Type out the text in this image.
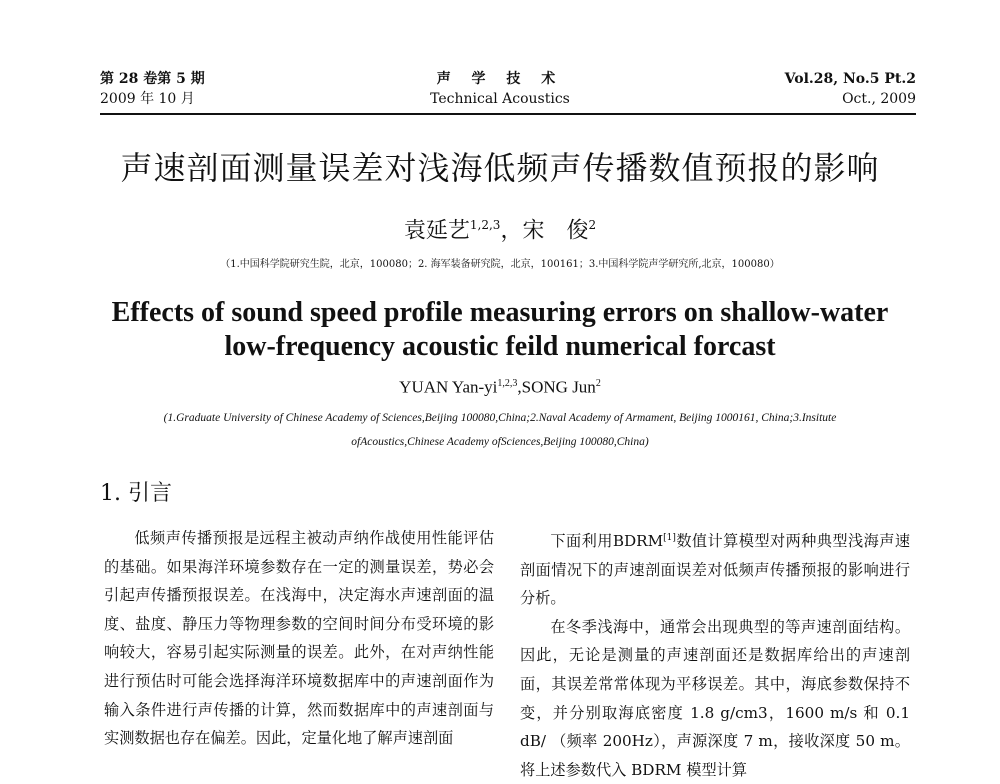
第 28 卷第 5 期
2009 年 10 月
声 学 技 术
Technical Acoustics
Vol.28, No.5 Pt.2
Oct., 2009
声速剖面测量误差对浅海低频声传播数值预报的影响
袁延艺$^{1,2,3}$，宋　俊$^2$
（1.中国科学院研究生院，北京，100080；2. 海军装备研究院，北京，100161；3.中国科学院声学研究所,北京，100080）
Effects of sound speed profile measuring errors on shallow-water
low-frequency acoustic feild numerical forcast
YUAN Yan-yi$^{1,2,3}$,SONG Jun$^2$
(1.Graduate University of Chinese Academy of Sciences,Beijing 100080,China;2.Naval Academy of Armament, Beijing 1000161, China;3.Insitute
ofAcoustics,Chinese Academy ofSciences,Beijing 100080,China)
1. 引言

低频声传播预报是远程主被动声纳作战使用性能评估的基础。如果海洋环境参数存在一定的测量误差，势必会引起声传播预报误差。在浅海中，决定海水声速剖面的温度、盐度、静压力等物理参数的空间时间分布受环境的影响较大，容易引起实际测量的误差。此外，在对声纳性能进行预估时可能会选择海洋环境数据库中的声速剖面作为输入条件进行声传播的计算，然而数据库中的声速剖面与实测数据也存在偏差。因此，定量化地了解声速剖面

下面利用BDRM[1]数值计算模型对两种典型浅海声速剖面情况下的声速剖面误差对低频声传播预报的影响进行分析。

在冬季浅海中，通常会出现典型的等声速剖面结构。因此，无论是测量的声速剖面还是数据库给出的声速剖面，其误差常常体现为平移误差。其中，海底参数保持不变，并分别取海底密度 1.8 g/cm3，1600 m/s 和 0.1 dB/ （频率 200Hz），声源深度 7 m，接收深度 50 m。将上述参数代入 BDRM 模型计算
